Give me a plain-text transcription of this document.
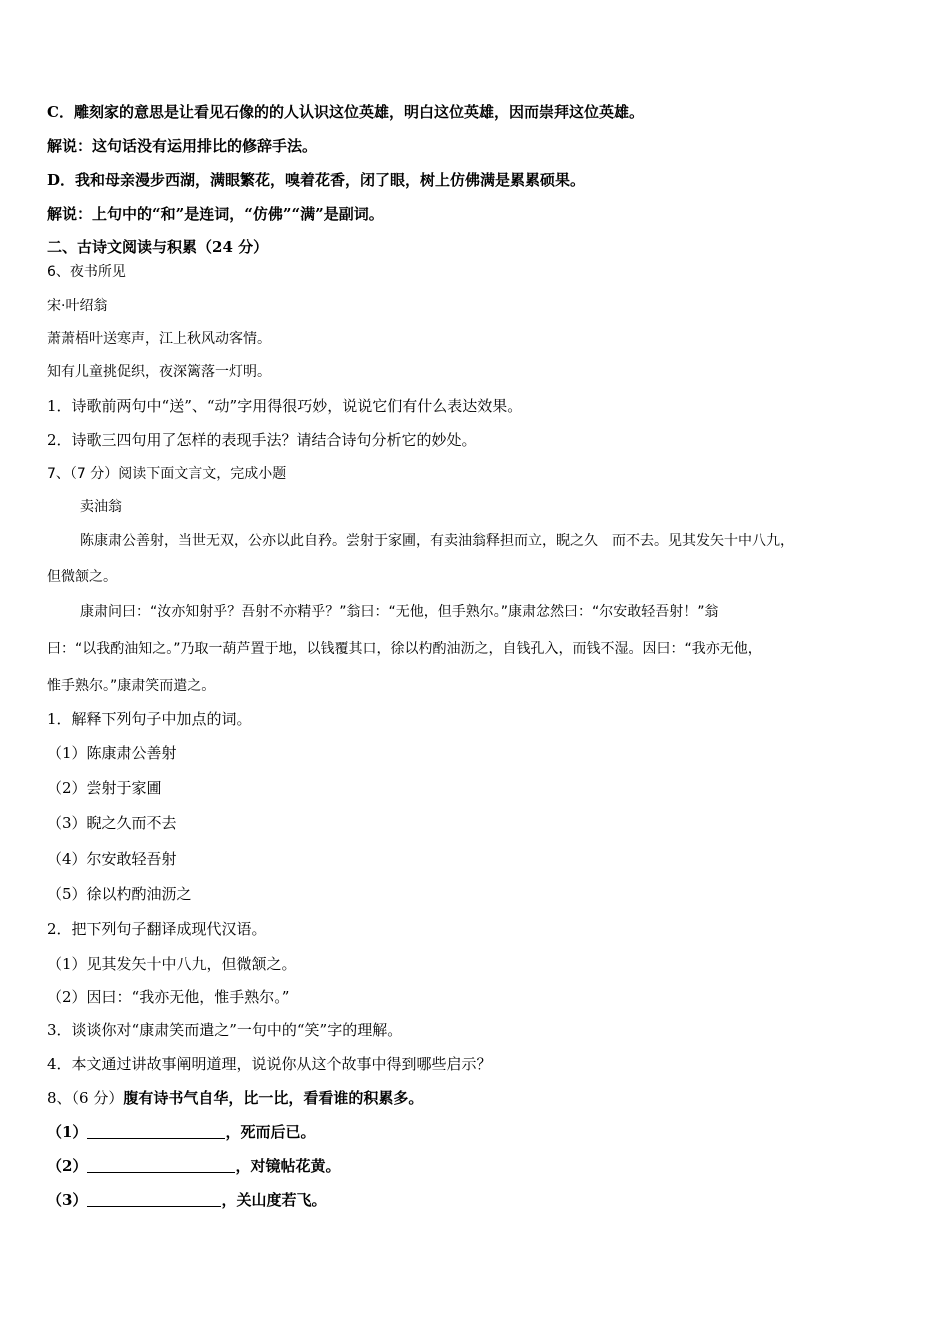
C．雕刻家的意思是让看见石像的的人认识这位英雄，明白这位英雄，因而崇拜这位英雄。
解说：这句话没有运用排比的修辞手法。
D．我和母亲漫步西湖，满眼繁花，嗅着花香，闭了眼，树上仿佛满是累累硕果。
解说：上句中的“和”是连词，“仿佛”“满”是副词。
二、古诗文阅读与积累（24 分）
6、夜书所见
宋·叶绍翁
萧萧梧叶送寒声，江上秋风动客情。
知有儿童挑促织，夜深篱落一灯明。
1．诗歌前两句中“送”、“动”字用得很巧妙，说说它们有什么表达效果。
2．诗歌三四句用了怎样的表现手法？请结合诗句分析它的妙处。
7、（7 分）阅读下面文言文，完成小题
卖油翁
陈康肃公善射，当世无双，公亦以此自矜。尝射于家圃，有卖油翁释担而立，睨之久　而不去。见其发矢十中八九，
但微颔之。
康肃问曰：“汝亦知射乎？吾射不亦精乎？”翁曰：“无他，但手熟尔。”康肃忿然曰：“尔安敢轻吾射！”翁
曰：“以我酌油知之。”乃取一葫芦置于地，以钱覆其口，徐以杓酌油沥之，自钱孔入，而钱不湿。因曰：“我亦无他，
惟手熟尔。”康肃笑而遣之。
1．解释下列句子中加点的词。
（1）陈康肃公善射
（2）尝射于家圃
（3）睨之久而不去
（4）尔安敢轻吾射
（5）徐以杓酌油沥之
2．把下列句子翻译成现代汉语。
（1）见其发矢十中八九，但微颔之。
（2）因曰：“我亦无他，惟手熟尔。”
3．谈谈你对“康肃笑而遣之”一句中的“笑”字的理解。
4．本文通过讲故事阐明道理，说说你从这个故事中得到哪些启示？
8、（6 分）腹有诗书气自华，比一比，看看谁的积累多。
（1）	，死而后已。
（2）	，对镜帖花黄。
（3）	，关山度若飞。
